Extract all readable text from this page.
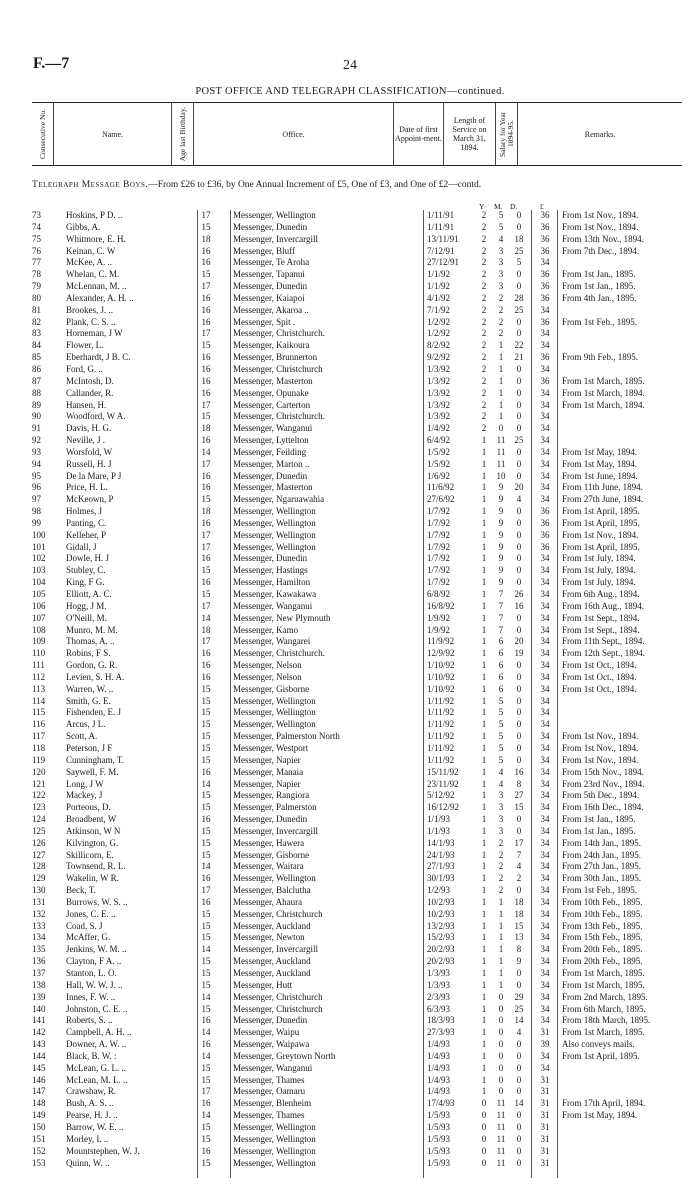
F.—7	24
POST OFFICE AND TELEGRAPH CLASSIFICATION—continued.
Consecutive No.	Name.	Age last Birthday.	Office.	Date of first Appoint-ment.
Length of Service on March 31, 1894.	Salary for Year 1894-95.	Remarks.
Telegraph Message Boys.—From £26 to £36, by One Annual Increment of £5, One of £3, and One of £2—contd.
Y M. D.	£
73	Hoskins, P D. ..	17	Messenger, Wellington	1/11/91	2	5	0	36	From 1st Nov., 1894.
74	Gibbs, A.	15	Messenger, Dunedin	1/11/91	2	5	0	36	From 1st Nov., 1894.
75	Whitmore, E. H.	18	Messenger, Invercargill	13/11/91	2	4	18	36	From 13th Nov., 1894.
76	Keinan, C. W	16	Messenger, Bluff	7/12/91	2	3	25	36	From 7th Dec., 1894.
77	McKee, A. ..	16	Messenger, Te Aroha	27/12/91	2	3	5	34
78	Whelan, C. M.	15	Messenger, Tapanui	1/1/92	2	3	0	36	From 1st Jan., 1895.
79	McLennan, M. ..	17	Messenger, Dunedin	1/1/92	2	3	0	36	From 1st Jan., 1895.
80	Alexander, A. H. ..	16	Messenger, Kaiapoi	4/1/92	2	2	28	36	From 4th Jan., 1895.
81	Brookes, J. ..	16	Messenger, Akaroa ..	7/1/92	2	2	25	34
82	Plank, C. S. ..	16	Messenger, Spit .	1/2/92	2	2	0	36	From 1st Feb., 1895.
83	Horneman, J W	17	Messenger, Christchurch.	1/2/92	2	2	0	34
84	Flower, L.	15	Messenger, Kaikoura	8/2/92	2	1	22	34
85	Eberhardt, J B. C.	16	Messenger, Brunnerton	9/2/92	2	1	21	36	From 9th Feb., 1895.
86	Ford, G. ..	16	Messenger, Christchurch	1/3/92	2	1	0	34
87	McIntosh, D.	16	Messenger, Masterton	1/3/92	2	1	0	36	From 1st March, 1895.
88	Callander, R.	16	Messenger, Opunake	1/3/92	2	1	0	34	From 1st March, 1894.
89	Hansen, H.	17	Messenger, Carterton	1/3/92	2	1	0	34	From 1st March, 1894.
90	Woodford, W A.	15	Messenger, Christchurch.	1/3/92	2	1	0	34
91	Davis, H. G.	18	Messenger, Wanganui	1/4/92	2	0	0	34
92	Neville, J .	16	Messenger, Lyttelton	6/4/92	1	11	25	34
93	Worsfold, W	14	Messenger, Feilding	1/5/92	1	11	0	34	From 1st May, 1894.
94	Russell, H. J	17	Messenger, Marton ..	1/5/92	1	11	0	34	From 1st May, 1894.
95	De la Mare, P J	16	Messenger, Dunedin	1/6/92	1	10	0	34	From 1st June, 1894.
96	Price, H. L.	16	Messenger, Masterton	11/6/92	1	9	20	34	From 11th June, 1894.
97	McKeown, P	15	Messenger, Ngaruawahia	27/6/92	1	9	4	34	From 27th June, 1894.
98	Holmes, J	18	Messenger, Wellington	1/7/92	1	9	0	36	From 1st April, 1895.
99	Panting, C.	16	Messenger, Wellington	1/7/92	1	9	0	36	From 1st April, 1895.
100	Kelleher, P	17	Messenger, Wellington	1/7/92	1	9	0	36	From 1st Nov., 1894.
101	Gidall, J	17	Messenger, Wellington	1/7/92	1	9	0	36	From 1st April, 1895.
102	Dowle, H. J	16	Messenger, Dunedin	1/7/92	1	9	0	34	From 1st July, 1894.
103	Stubley, C.	15	Messenger, Hastings	1/7/92	1	9	0	34	From 1st July, 1894.
104	King, F G.	16	Messenger, Hamilton	1/7/92	1	9	0	34	From 1st July, 1894.
105	Elliott, A. C.	15	Messenger, Kawakawa	6/8/92	1	7	26	34	From 6th Aug., 1894.
106	Hogg, J M.	17	Messenger, Wanganui	16/8/92	1	7	16	34	From 16th Aug., 1894.
107	O'Neill, M.	14	Messenger, New Plymouth	1/9/92	1	7	0	34	From 1st Sept., 1894.
108	Munro, M. M.	18	Messenger, Kamo	1/9/92	1	7	0	34	From 1st Sept., 1894.
109	Thomas, A. ..	17	Messenger, Wangarei	11/9/92	1	6	20	34	From 11th Sept., 1894.
110	Robins, F S.	16	Messenger, Christchurch.	12/9/92	1	6	19	34	From 12th Sept., 1894.
111	Gordon, G. R.	16	Messenger, Nelson	1/10/92	1	6	0	34	From 1st Oct., 1894.
112	Levien, S. H. A.	16	Messenger, Nelson	1/10/92	1	6	0	34	From 1st Oct., 1894.
113	Warren, W. ..	15	Messenger, Gisborne	1/10/92	1	6	0	34	From 1st Oct., 1894.
114	Smith, G. E.	15	Messenger, Wellington	1/11/92	1	5	0	34
115	Fishenden, E. J	15	Messenger, Wellington	1/11/92	1	5	0	34
116	Arcus, J L.	15	Messenger, Wellington	1/11/92	1	5	0	34
117	Scott, A.	15	Messenger, Palmerston North	1/11/92	1	5	0	34	From 1st Nov., 1894.
118	Peterson, J F	15	Messenger, Westport	1/11/92	1	5	0	34	From 1st Nov., 1894.
119	Cunningham, T.	15	Messenger, Napier	1/11/92	1	5	0	34	From 1st Nov., 1894.
120	Saywell, F. M.	16	Messenger, Manaia	15/11/92	1	4	16	34	From 15th Nov., 1894.
121	Long, J W	14	Messenger, Napier	23/11/92	1	4	8	34	From 23rd Nov., 1894.
122	Mackey, J	15	Messenger, Rangiora	5/12/92	1	3	27	34	From 5th Dec., 1894.
123	Porteous, D.	15	Messenger, Palmerston	16/12/92	1	3	15	34	From 16th Dec., 1894.
124	Broadbent, W	16	Messenger, Dunedin	1/1/93	1	3	0	34	From 1st Jan., 1895.
125	Atkinson, W N	15	Messenger, Invercargill	1/1/93	1	3	0	34	From 1st Jan., 1895.
126	Kilvington, G.	15	Messenger, Hawera	14/1/93	1	2	17	34	From 14th Jan., 1895.
127	Skillicorn, E.	15	Messenger, Gisborne	24/1/93	1	2	7	34	From 24th Jan., 1895.
128	Townsend, R. L.	14	Messenger, Waitara	27/1/93	1	2	4	34	From 27th Jan., 1895.
129	Wakelin, W R.	16	Messenger, Wellington	30/1/93	1	2	2	34	From 30th Jan., 1895.
130	Beck, T.	17	Messenger, Balclutha	1/2/93	1	2	0	34	From 1st Feb., 1895.
131	Burrows, W. S. ..	16	Messenger, Ahaura	10/2/93	1	1	18	34	From 10th Feb., 1895.
132	Jones, C. E. ..	15	Messenger, Christchurch	10/2/93	1	1	18	34	From 10th Feb., 1895.
133	Coad, S. J	15	Messenger, Auckland	13/2/93	1	1	15	34	From 13th Feb., 1895.
134	McAffer, G.	15	Messenger, Newton	15/2/93	1	1	13	34	From 15th Feb., 1895.
135	Jenkins, W. M. ..	14	Messenger, Invercargill	20/2/93	1	1	8	34	From 20th Feb., 1895.
136	Clayton, F A. ..	15	Messenger, Auckland	20/2/93	1	1	9	34	From 20th Feb., 1895.
137	Stanton, L. O.	15	Messenger, Auckland	1/3/93	1	1	0	34	From 1st March, 1895.
138	Hall, W. W. J. ..	15	Messenger, Hutt	1/3/93	1	1	0	34	From 1st March, 1895.
139	Innes, F. W. ..	14	Messenger, Christchurch	2/3/93	1	0	29	34	From 2nd March, 1895.
140	Johnston, C. E. ..	15	Messenger, Christchurch	6/3/93	1	0	25	34	From 6th March, 1895.
141	Roberts, S. ..	16	Messenger, Dunedin	18/3/93	1	0	14	34	From 18th March, 1895.
142	Campbell, A. H. ..	14	Messenger, Waipu	27/3/93	1	0	4	31	From 1st March, 1895.
143	Downer, A. W. ..	16	Messenger, Waipawa	1/4/93	1	0	0	39	Also conveys mails.
144	Black, B. W. :	14	Messenger, Greytown North	1/4/93	1	0	0	34	From 1st April, 1895.
145	McLean, G. L. ..	15	Messenger, Wanganui	1/4/93	1	0	0	34
146	McLean, M. L. ..	15	Messenger, Thames	1/4/93	1	0	0	31
147	Crawshaw, R.	17	Messenger, Oamaru	1/4/93	1	0	0	31
148	Bush, A. S. ..	16	Messenger, Blenheim	17/4/93	0	11	14	31	From 17th April, 1894.
149	Pearse, H. J. ..	14	Messenger, Thames	1/5/93	0	11	0	31	From 1st May, 1894.
150	Barrow, W. E. ..	15	Messenger, Wellington	1/5/93	0	11	0	31
151	Morley, I. ..	15	Messenger, Wellington	1/5/93	0	11	0	31
152	Mountstephen, W. J.	16	Messenger, Wellington	1/5/93	0	11	0	31
153	Quinn, W. ..	15	Messenger, Wellington	1/5/93	0	11	0	31
